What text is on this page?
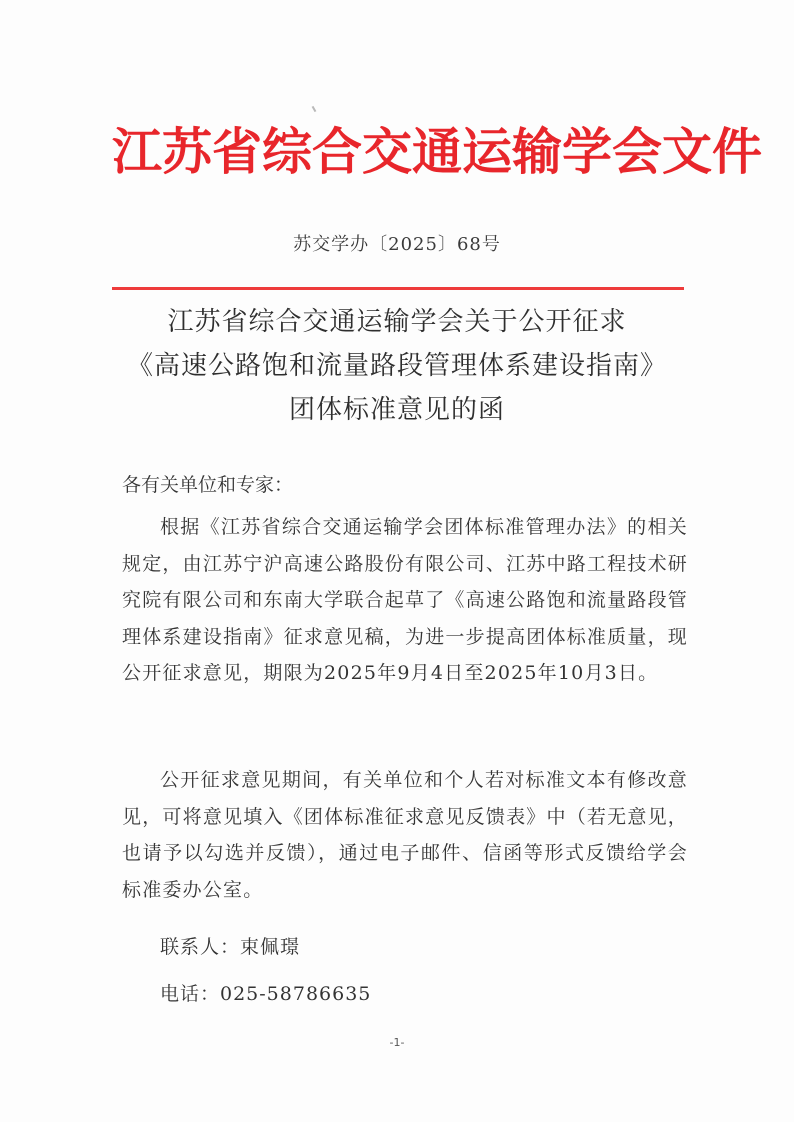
江苏省综合交通运输学会文件
苏交学办〔2025〕68号
江苏省综合交通运输学会关于公开征求
《高速公路饱和流量路段管理体系建设指南》
团体标准意见的函
各有关单位和专家：
根据《江苏省综合交通运输学会团体标准管理办法》的相关规定，由江苏宁沪高速公路股份有限公司、江苏中路工程技术研究院有限公司和东南大学联合起草了《高速公路饱和流量路段管理体系建设指南》征求意见稿，为进一步提高团体标准质量，现公开征求意见，期限为2025年9月4日至2025年10月3日。
公开征求意见期间，有关单位和个人若对标准文本有修改意见，可将意见填入《团体标准征求意见反馈表》中（若无意见，也请予以勾选并反馈），通过电子邮件、信函等形式反馈给学会标准委办公室。
联系人：束佩璟
电话：025-58786635
-1-
